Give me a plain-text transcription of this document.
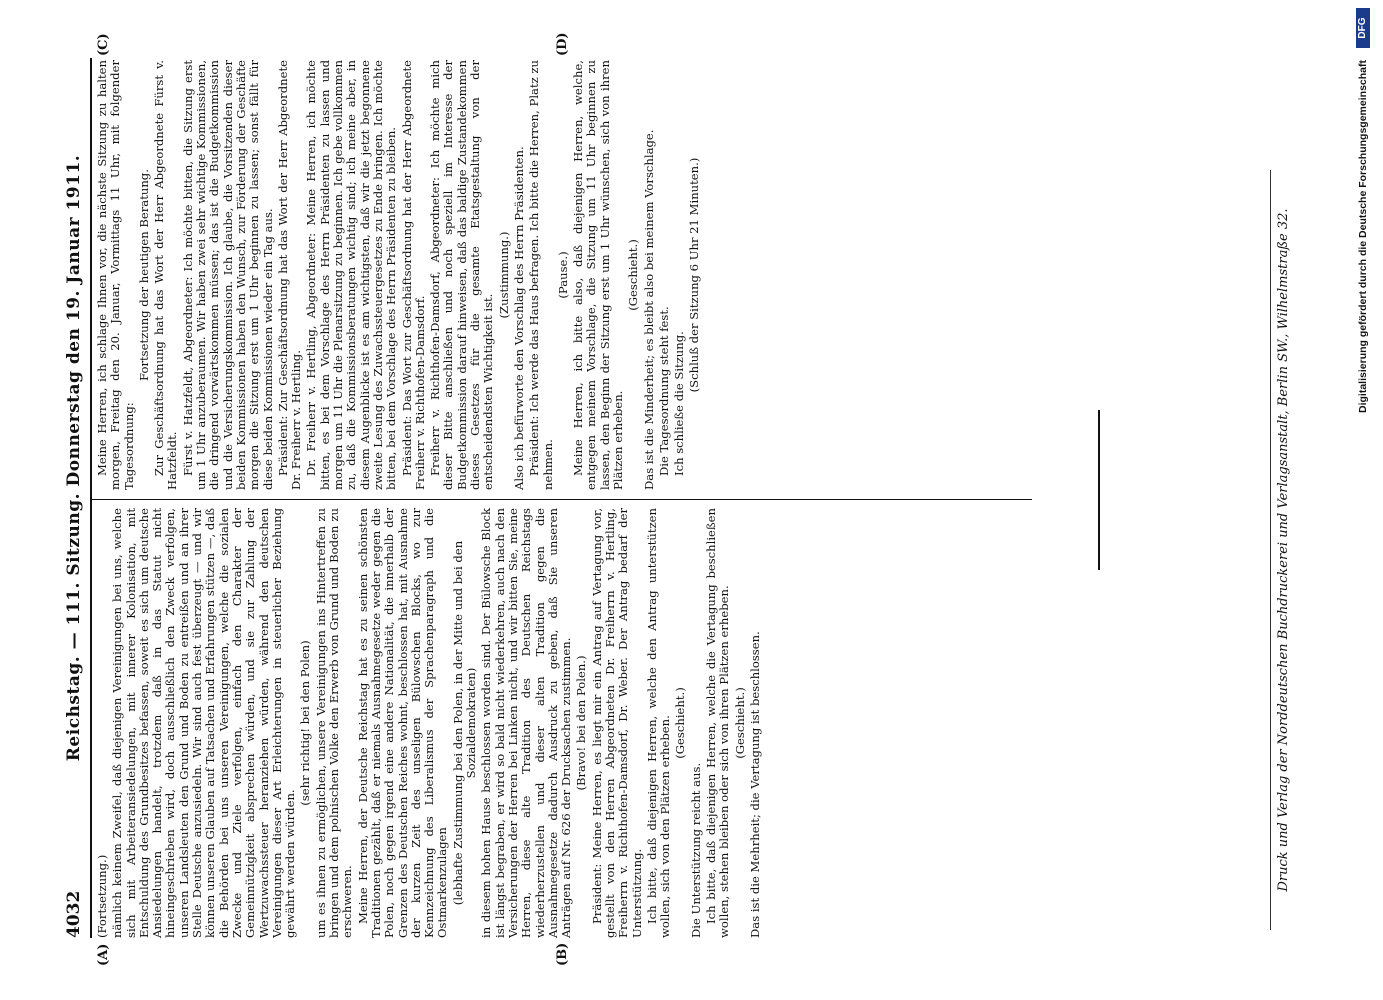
4032
Reichstag. — 111. Sitzung. Donnerstag den 19. Januar 1911.
(A)	(B)
(C)	(D)

(Fortsetzung.) nämlich keinem Zweifel, daß diejenigen Vereinigungen bei uns, welche sich mit Arbeiteransiedelungen, mit innerer Kolonisation, mit Entschuldung des Grundbesitzes befassen, soweit es sich um deutsche Ansiedelungen handelt, trotzdem daß in das Statut nicht hineingeschrieben wird, doch ausschließlich den Zweck verfolgen, unseren Landsleuten den Grund und Boden zu entreißen und an ihrer Stelle Deutsche anzusiedeln. Wir sind auch fest überzeugt — und wir können unseren Glauben auf Tatsachen und Erfahrungen stützen —, daß die Behörden bei uns unseren Vereinigungen, welche die sozialen Zwecke und Ziele verfolgen, einfach den Charakter der Gemeinnützigkeit absprechen würden, und sie zur Zahlung der Wertzuwachssteuer heranziehen würden, während den deutschen Vereinigungen dieser Art Erleichterungen in steuerlicher Beziehung gewährt werden würden.

(sehr richtig! bei den Polen) um es ihnen zu ermöglichen, unsere Vereinigungen ins Hintertreffen zu bringen und dem polnischen Volke den Erwerb von Grund und Boden zu erschweren. Meine Herren, der Deutsche Reichstag hat es zu seinen schönsten Traditionen gezählt, daß er niemals Ausnahmegesetze weder gegen die Polen, noch gegen irgend eine andere Nationalität, die innerhalb der Grenzen des Deutschen Reiches wohnt, beschlossen hat, mit Ausnahme der kurzen Zeit des unseligen Bülowschen Blocks, wo zur Kennzeichnung des Liberalismus der Sprachenparagraph und die Ostmarkenzulagen (lebhafte Zustimmung bei den Polen, in der Mitte und bei den Sozialdemokraten) in diesem hohen Hause beschlossen worden sind. Der Bülowsche Block ist längst begraben, er wird so bald nicht wiederkehren, auch nach den Versicherungen der Herren bei Linken nicht, und wir bitten Sie, meine Herren, diese alte Tradition des Deutschen Reichstags wiederherzustellen und dieser alten Tradition gegen die Ausnahmegesetze dadurch Ausdruck zu geben, daß Sie unseren Anträgen auf Nr. 626 der Drucksachen zustimmen. (Bravo! bei den Polen.) Präsident: Meine Herren, es liegt mir ein Antrag auf Vertagung vor, gestellt von den Herren Abgeordneten Dr. Freiherrn v. Hertling, Freiherrn v. Richthofen-Damsdorf, Dr. Weber. Der Antrag bedarf der Unterstützung. Ich bitte, daß diejenigen Herren, welche den Antrag unterstützen wollen, sich von den Plätzen erheben. (Geschieht.)

Die Unterstützung reicht aus. Ich bitte, daß diejenigen Herren, welche die Vertagung beschließen wollen, stehen bleiben oder sich von ihren Plätzen erheben. (Geschieht.) Das ist die Mehrheit; die Vertagung ist beschlossen.

Meine Herren, ich schlage Ihnen vor, die nächste Sitzung zu halten morgen, Freitag den 20. Januar, Vormittags 11 Uhr, mit folgender Tagesordnung:

Fortsetzung der heutigen Beratung. Zur Geschäftsordnung hat das Wort der Herr Abgeordnete Fürst v. Hatzfeldt. Fürst v. Hatzfeldt, Abgeordneter: Ich möchte bitten, die Sitzung erst um 1 Uhr anzuberaumen. Wir haben zwei sehr wichtige Kommissionen, die dringend vorwärtskommen müssen; das ist die Budgetkommission und die Versicherungskommission. Ich glaube, die Vorsitzenden dieser beiden Kommissionen haben den Wunsch, zur Förderung der Geschäfte morgen die Sitzung erst um 1 Uhr beginnen zu lassen; sonst fällt für diese beiden Kommissionen wieder ein Tag aus. Präsident: Zur Geschäftsordnung hat das Wort der Herr Abgeordnete Dr. Freiherr v. Hertling. Dr. Freiherr v. Hertling, Abgeordneter: Meine Herren, ich möchte bitten, es bei dem Vorschlage des Herrn Präsidenten zu lassen und morgen um 11 Uhr die Plenarsitzung zu beginnen. Ich gebe vollkommen zu, daß die Kommissionsberatungen wichtig sind; ich meine aber, in diesem Augenblicke ist es am wichtigsten, daß wir die jetzt begonnene zweite Lesung des Zuwachssteuergesetzes zu Ende bringen. Ich möchte bitten, bei dem Vorschlage des Herrn Präsidenten zu bleiben. Präsident: Das Wort zur Geschäftsordnung hat der Herr Abgeordnete Freiherr v. Richthofen-Damsdorf. Freiherr v. Richthofen-Damsdorf, Abgeordneter: Ich möchte mich dieser Bitte anschließen und noch speziell im Interesse der Budgetkommission darauf hinweisen, daß das baldige Zustandekommen dieses Gesetzes für die gesamte Etatsgestaltung von der entscheidendsten Wichtigkeit ist.

(Zustimmung.) Also ich befürworte den Vorschlag des Herrn Präsidenten. Präsident: Ich werde das Haus befragen. Ich bitte die Herren, Platz zu nehmen.

(Pause.) Meine Herren, ich bitte also, daß diejenigen Herren, welche, entgegen meinem Vorschlage, die Sitzung um 11 Uhr beginnen zu lassen, den Beginn der Sitzung erst um 1 Uhr wünschen, sich von ihren Plätzen erheben.

(Geschieht.) Das ist die Minderheit; es bleibt also bei meinem Vorschlage. Die Tagesordnung steht fest. Ich schließe die Sitzung.

(Schluß der Sitzung 6 Uhr 21 Minuten.)	Druck und Verlag der Norddeutschen Buchdruckerei und Verlagsanstalt, Berlin SW., Wilhelmstraße 32.	Digitalisierung gefördert durch die Deutsche Forschungsgemeinschaft
DFG
